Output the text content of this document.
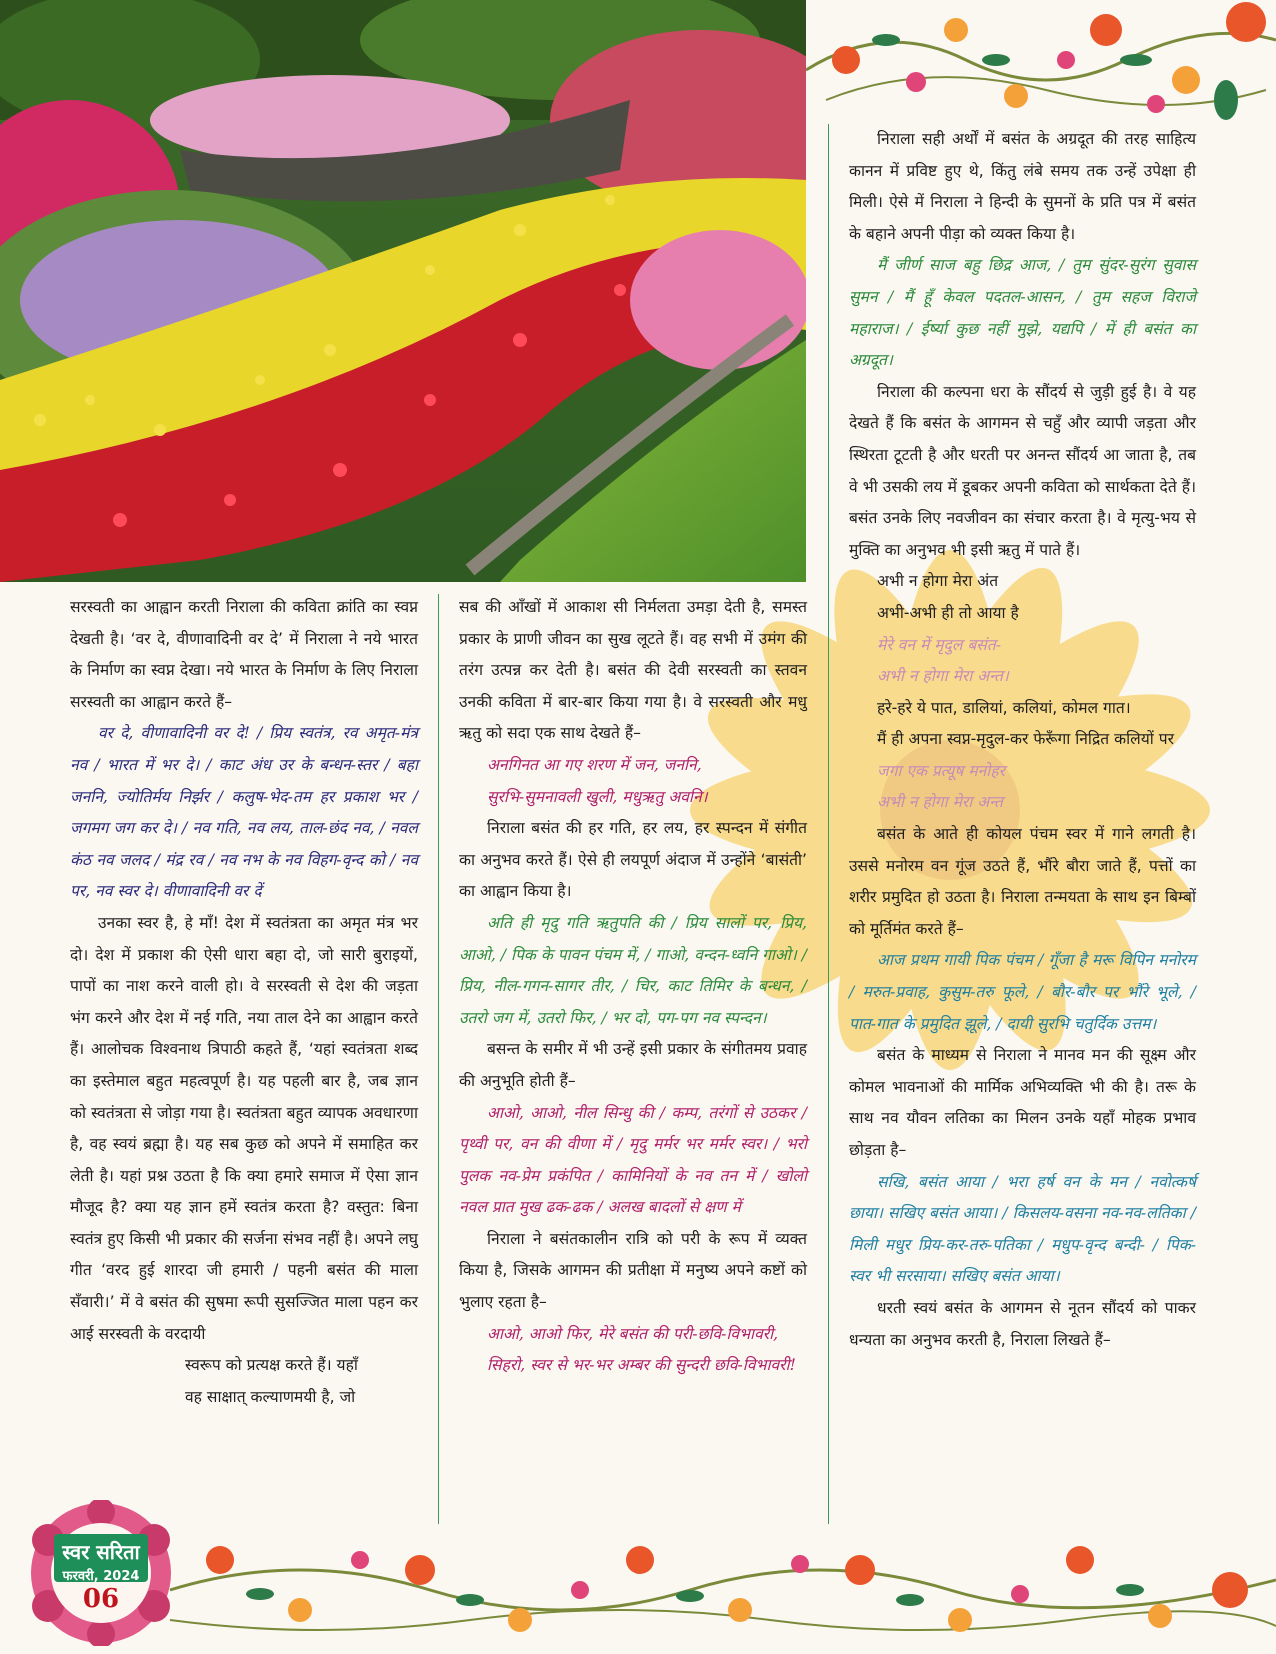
सरस्वती का आह्वान करती निराला की कविता क्रांति का स्वप्न देखती है। ‘वर दे, वीणावादिनी वर दे’ में निराला ने नये भारत के निर्माण का स्वप्न देखा। नये भारत के निर्माण के लिए निराला सरस्वती का आह्वान करते हैं–

वर दे, वीणावादिनी वर दे! / प्रिय स्वतंत्र, रव अमृत-मंत्र नव / भारत में भर दे। / काट अंध उर के बन्धन-स्तर / बहा जननि, ज्योतिर्मय निर्झर / कलुष-भेद-तम हर प्रकाश भर / जगमग जग कर दे। / नव गति, नव लय, ताल-छंद नव, / नवल कंठ नव जलद / मंद्र रव / नव नभ के नव विहग-वृन्द को / नव पर, नव स्वर दे। वीणावादिनी वर दें

उनका स्वर है, हे माँ! देश में स्वतंत्रता का अमृत मंत्र भर दो। देश में प्रकाश की ऐसी धारा बहा दो, जो सारी बुराइयों, पापों का नाश करने वाली हो। वे सरस्वती से देश की जड़ता भंग करने और देश में नई गति, नया ताल देने का आह्वान करते हैं। आलोचक विश्वनाथ त्रिपाठी कहते हैं, ‘यहां स्वतंत्रता शब्द का इस्तेमाल बहुत महत्वपूर्ण है। यह पहली बार है, जब ज्ञान को स्वतंत्रता से जोड़ा गया है। स्वतंत्रता बहुत व्यापक अवधारणा है, वह स्वयं ब्रह्मा है। यह सब कुछ को अपने में समाहित कर लेती है। यहां प्रश्न उठता है कि क्या हमारे समाज में ऐसा ज्ञान मौजूद है? क्या यह ज्ञान हमें स्वतंत्र करता है? वस्तुत: बिना स्वतंत्र हुए किसी भी प्रकार की सर्जना संभव नहीं है। अपने लघु गीत ‘वरद हुई शारदा जी हमारी / पहनी बसंत की माला सँवारी।’ में वे बसंत की सुषमा रूपी सुसज्जित माला पहन कर आई सरस्वती के वरदायी

स्वरूप को प्रत्यक्ष करते हैं। यहाँ

वह साक्षात् कल्याणमयी है, जो

सब की आँखों में आकाश सी निर्मलता उमड़ा देती है, समस्त प्रकार के प्राणी जीवन का सुख लूटते हैं। वह सभी में उमंग की तरंग उत्पन्न कर देती है। बसंत की देवी सरस्वती का स्तवन उनकी कविता में बार-बार किया गया है। वे सरस्वती और मधु ऋतु को सदा एक साथ देखते हैं–

अनगिनत आ गए शरण में जन, जननि,

सुरभि-सुमनावली खुली, मधुऋतु अवनि।

निराला बसंत की हर गति, हर लय, हर स्पन्दन में संगीत का अनुभव करते हैं। ऐसे ही लयपूर्ण अंदाज में उन्होंने ‘बासंती’ का आह्वान किया है।

अति ही मृदु गति ऋतुपति की / प्रिय सालों पर, प्रिय, आओ, / पिक के पावन पंचम में, / गाओ, वन्दन-ध्वनि गाओ। / प्रिय, नील-गगन-सागर तीर, / चिर, काट तिमिर के बन्धन, / उतरो जग में, उतरो फिर, / भर दो, पग-पग नव स्पन्दन।

बसन्त के समीर में भी उन्हें इसी प्रकार के संगीतमय प्रवाह की अनुभूति होती हैं–

आओ, आओ, नील सिन्धु की / कम्प, तरंगों से उठकर / पृथ्वी पर, वन की वीणा में / मृदु मर्मर भर मर्मर स्वर। / भरो पुलक नव-प्रेम प्रकंपित / कामिनियों के नव तन में / खोलो नवल प्रात मुख ढक-ढक / अलख बादलों से क्षण में

निराला ने बसंतकालीन रात्रि को परी के रूप में व्यक्त किया है, जिसके आगमन की प्रतीक्षा में मनुष्य अपने कष्टों को भुलाए रहता है–

आओ, आओ फिर, मेरे बसंत की परी-छवि-विभावरी,

सिहरो, स्वर से भर-भर अम्बर की सुन्दरी छवि-विभावरी!

निराला सही अर्थों में बसंत के अग्रदूत की तरह साहित्य कानन में प्रविष्ट हुए थे, किंतु लंबे समय तक उन्हें उपेक्षा ही मिली। ऐसे में निराला ने हिन्दी के सुमनों के प्रति पत्र में बसंत के बहाने अपनी पीड़ा को व्यक्त किया है।

मैं जीर्ण साज बहु छिद्र आज, / तुम सुंदर-सुरंग सुवास सुमन / मैं हूँ केवल पदतल-आसन, / तुम सहज विराजे महाराज। / ईर्ष्या कुछ नहीं मुझे, यद्यपि / में ही बसंत का अग्रदूत।

निराला की कल्पना धरा के सौंदर्य से जुड़ी हुई है। वे यह देखते हैं कि बसंत के आगमन से चहुँ और व्यापी जड़ता और स्थिरता टूटती है और धरती पर अनन्त सौंदर्य आ जाता है, तब वे भी उसकी लय में डूबकर अपनी कविता को सार्थकता देते हैं। बसंत उनके लिए नवजीवन का संचार करता है। वे मृत्यु-भय से मुक्ति का अनुभव भी इसी ऋतु में पाते हैं।

अभी न होगा मेरा अंत

अभी-अभी ही तो आया है

मेरे वन में मृदुल बसंत-

अभी न होगा मेरा अन्त।

हरे-हरे ये पात, डालियां, कलियां, कोमल गात।

मैं ही अपना स्वप्न-मृदुल-कर फेरूँगा निद्रित कलियों पर

जगा एक प्रत्यूष मनोहर

अभी न होगा मेरा अन्त

बसंत के आते ही कोयल पंचम स्वर में गाने लगती है। उससे मनोरम वन गूंज उठते हैं, भौंरे बौरा जाते हैं, पत्तों का शरीर प्रमुदित हो उठता है। निराला तन्मयता के साथ इन बिम्बों को मूर्तिमंत करते हैं–

आज प्रथम गायी पिक पंचम / गूँजा है मरू विपिन मनोरम / मरुत-प्रवाह, कुसुम-तरु फूले, / बौर-बौर पर भौंरे भूले, / पात-गात के प्रमुदित झूले, / दायी सुरभि चतुर्दिक उत्तम।

बसंत के माध्यम से निराला ने मानव मन की सूक्ष्म और कोमल भावनाओं की मार्मिक अभिव्यक्ति भी की है। तरू के साथ नव यौवन लतिका का मिलन उनके यहाँ मोहक प्रभाव छोड़ता है–

सखि, बसंत आया / भरा हर्ष वन के मन / नवोत्कर्ष छाया। सखिए बसंत आया। / किसलय-वसना नव-नव-लतिका / मिली मधुर प्रिय-कर-तरु-पतिका / मधुप-वृन्द बन्दी- / पिक-स्वर भी सरसाया। सखिए बसंत आया।

धरती स्वयं बसंत के आगमन से नूतन सौंदर्य को पाकर धन्यता का अनुभव करती है, निराला लिखते हैं–

स्वर सरिता
फरवरी, 2024
06
